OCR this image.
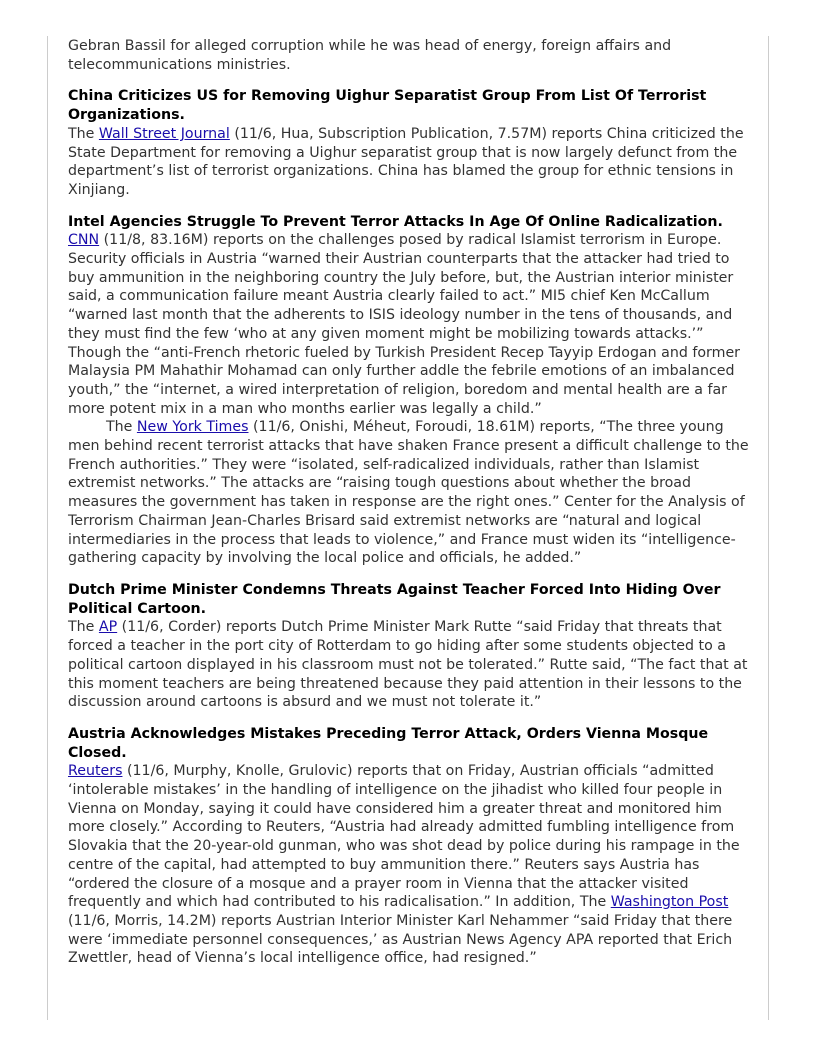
Gebran Bassil for alleged corruption while he was head of energy, foreign affairs and telecommunications ministries.

China Criticizes US for Removing Uighur Separatist Group From List Of Terrorist Organizations.

The Wall Street Journal (11/6, Hua, Subscription Publication, 7.57M) reports China criticized the State Department for removing a Uighur separatist group that is now largely defunct from the department’s list of terrorist organizations. China has blamed the group for ethnic tensions in Xinjiang.

Intel Agencies Struggle To Prevent Terror Attacks In Age Of Online Radicalization.

CNN (11/8, 83.16M) reports on the challenges posed by radical Islamist terrorism in Europe. Security officials in Austria “warned their Austrian counterparts that the attacker had tried to buy ammunition in the neighboring country the July before, but, the Austrian interior minister said, a communication failure meant Austria clearly failed to act.” MI5 chief Ken McCallum “warned last month that the adherents to ISIS ideology number in the tens of thousands, and they must find the few ‘who at any given moment might be mobilizing towards attacks.’” Though the “anti-French rhetoric fueled by Turkish President Recep Tayyip Erdogan and former Malaysia PM Mahathir Mohamad can only further addle the febrile emotions of an imbalanced youth,” the “internet, a wired interpretation of religion, boredom and mental health are a far more potent mix in a man who months earlier was legally a child.”

The New York Times (11/6, Onishi, Méheut, Foroudi, 18.61M) reports, “The three young men behind recent terrorist attacks that have shaken France present a difficult challenge to the French authorities.” They were “isolated, self-radicalized individuals, rather than Islamist extremist networks.” The attacks are “raising tough questions about whether the broad measures the government has taken in response are the right ones.” Center for the Analysis of Terrorism Chairman Jean-Charles Brisard said extremist networks are “natural and logical intermediaries in the process that leads to violence,” and France must widen its “intelligence-gathering capacity by involving the local police and officials, he added.”

Dutch Prime Minister Condemns Threats Against Teacher Forced Into Hiding Over Political Cartoon.

The AP (11/6, Corder) reports Dutch Prime Minister Mark Rutte “said Friday that threats that forced a teacher in the port city of Rotterdam to go hiding after some students objected to a political cartoon displayed in his classroom must not be tolerated.” Rutte said, “The fact that at this moment teachers are being threatened because they paid attention in their lessons to the discussion around cartoons is absurd and we must not tolerate it.”

Austria Acknowledges Mistakes Preceding Terror Attack, Orders Vienna Mosque Closed.

Reuters (11/6, Murphy, Knolle, Grulovic) reports that on Friday, Austrian officials “admitted ‘intolerable mistakes’ in the handling of intelligence on the jihadist who killed four people in Vienna on Monday, saying it could have considered him a greater threat and monitored him more closely.” According to Reuters, “Austria had already admitted fumbling intelligence from Slovakia that the 20-year-old gunman, who was shot dead by police during his rampage in the centre of the capital, had attempted to buy ammunition there.” Reuters says Austria has “ordered the closure of a mosque and a prayer room in Vienna that the attacker visited frequently and which had contributed to his radicalisation.” In addition, The Washington Post (11/6, Morris, 14.2M) reports Austrian Interior Minister Karl Nehammer “said Friday that there were ‘immediate personnel consequences,’ as Austrian News Agency APA reported that Erich Zwettler, head of Vienna’s local intelligence office, had resigned.”
